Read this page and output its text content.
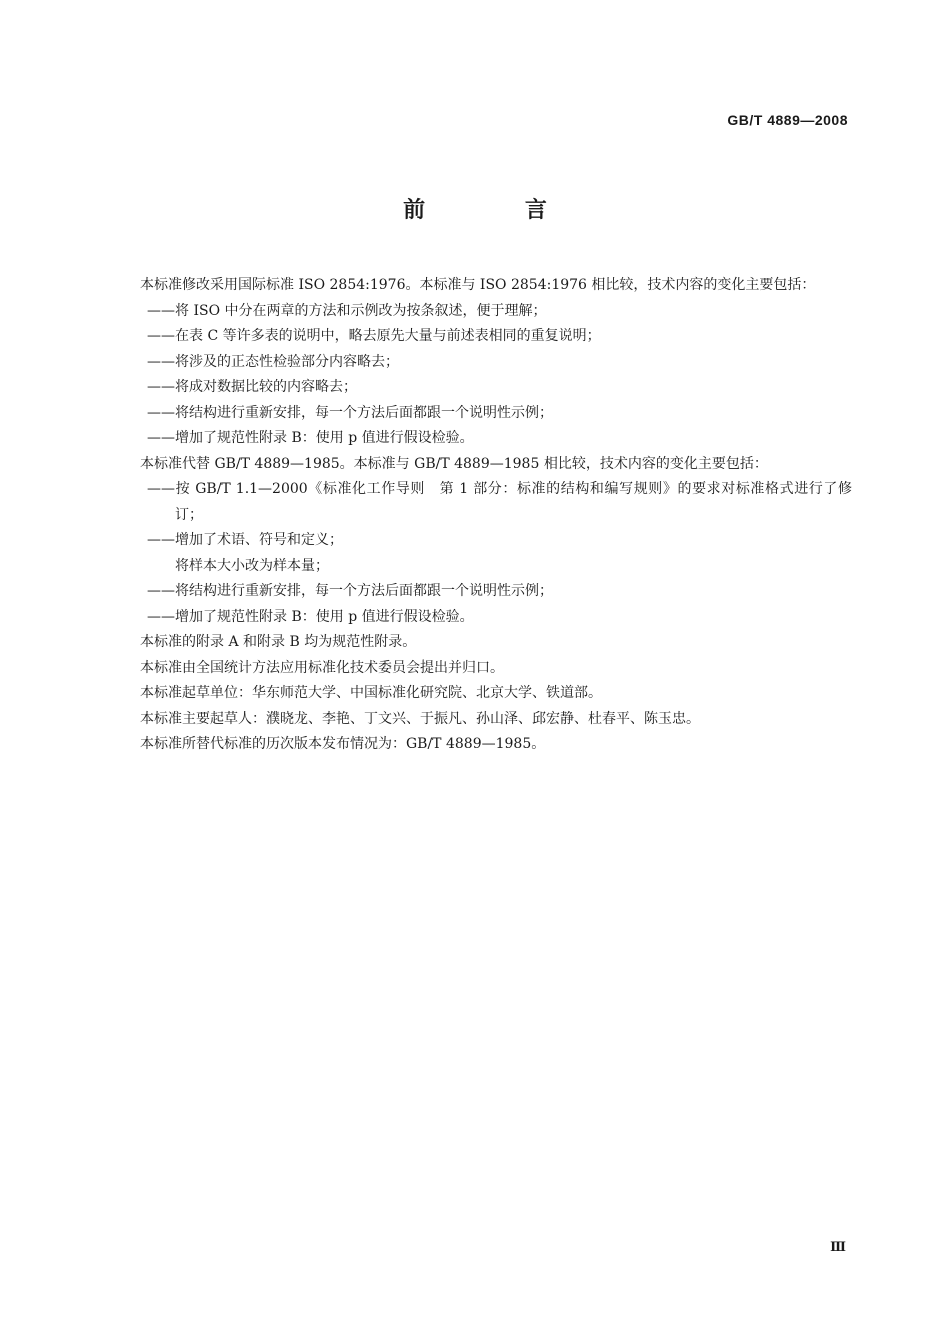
GB/T 4889—2008
前 言

本标准修改采用国际标准 ISO 2854:1976。本标准与 ISO 2854:1976 相比较，技术内容的变化主要包括：

——将 ISO 中分在两章的方法和示例改为按条叙述，便于理解；

——在表 C 等许多表的说明中，略去原先大量与前述表相同的重复说明；

——将涉及的正态性检验部分内容略去；

——将成对数据比较的内容略去；

——将结构进行重新安排，每一个方法后面都跟一个说明性示例；

——增加了规范性附录 B：使用 p 值进行假设检验。

本标准代替 GB/T 4889—1985。本标准与 GB/T 4889—1985 相比较，技术内容的变化主要包括：

——按 GB/T 1.1—2000《标准化工作导则　第 1 部分：标准的结构和编写规则》的要求对标准格式进行了修订；

——增加了术语、符号和定义；

将样本大小改为样本量；

——将结构进行重新安排，每一个方法后面都跟一个说明性示例；

——增加了规范性附录 B：使用 p 值进行假设检验。

本标准的附录 A 和附录 B 均为规范性附录。

本标准由全国统计方法应用标准化技术委员会提出并归口。

本标准起草单位：华东师范大学、中国标准化研究院、北京大学、铁道部。

本标准主要起草人：濮晓龙、李艳、丁文兴、于振凡、孙山泽、邱宏静、杜春平、陈玉忠。

本标准所替代标准的历次版本发布情况为：GB/T 4889—1985。

Ⅲ
